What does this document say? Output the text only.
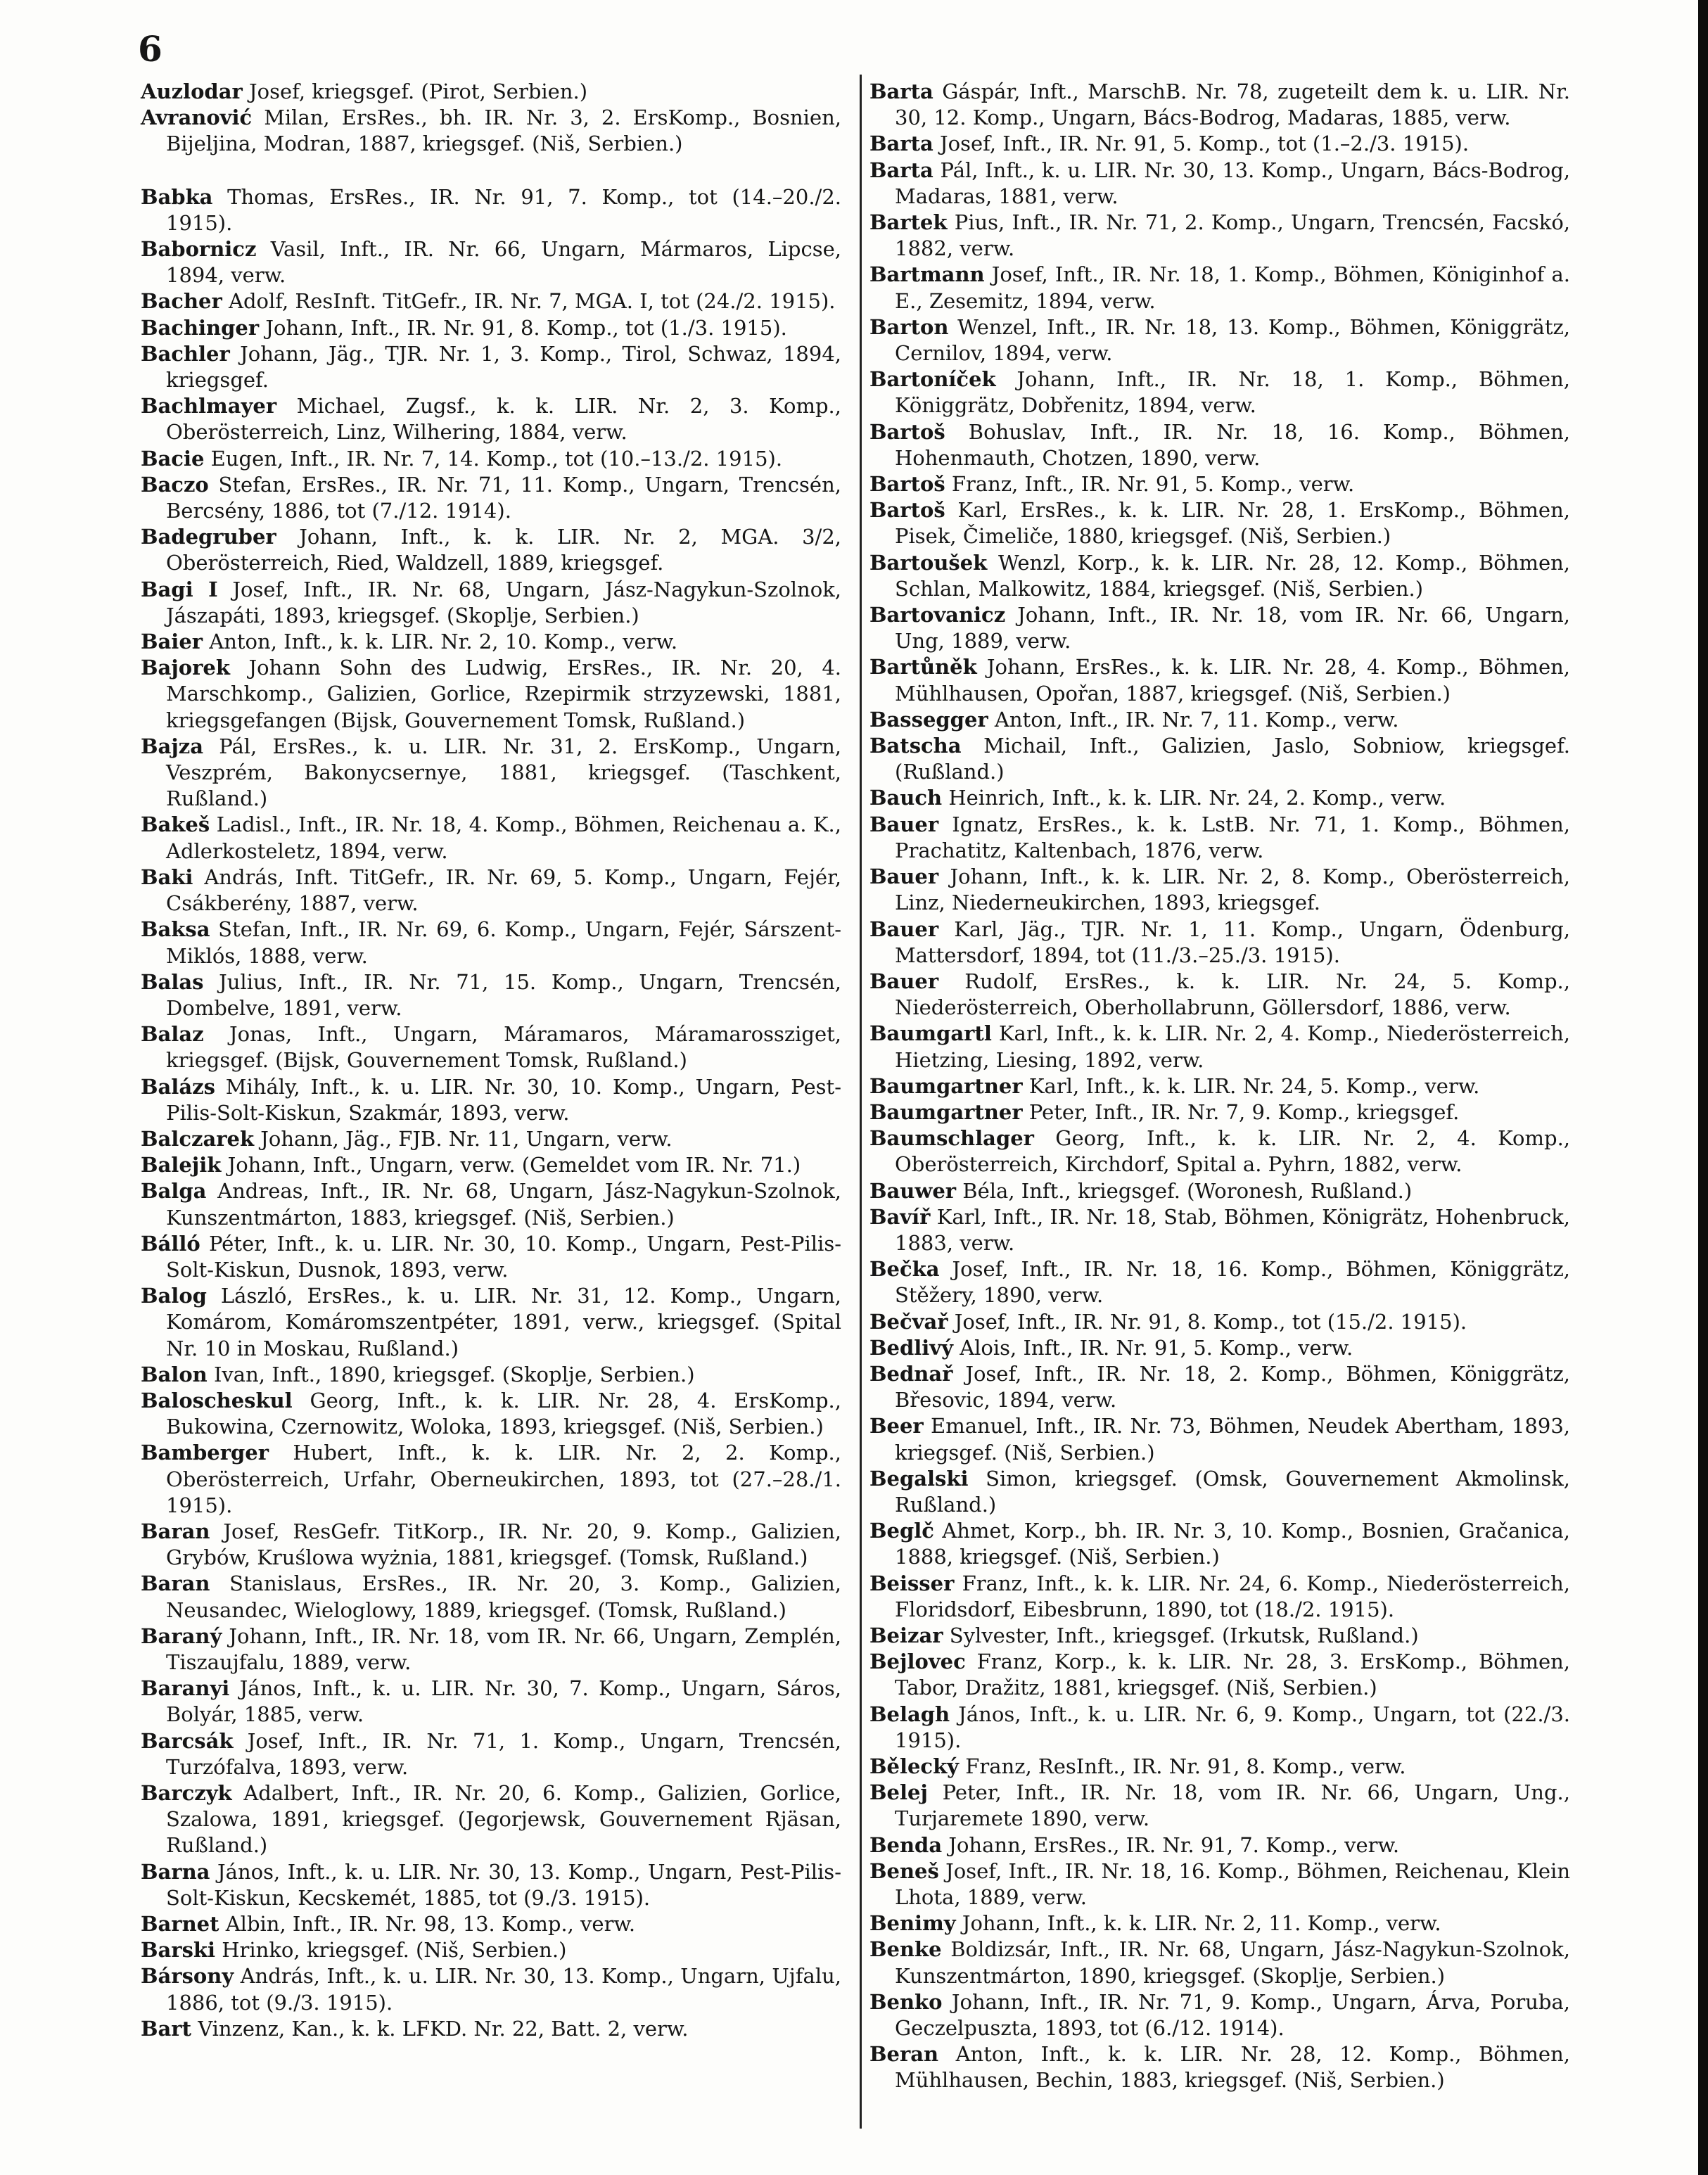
6

Auzlodar Josef, kriegsgef. (Pirot, Serbien.)

Avranović Milan, ErsRes., bh. IR. Nr. 3, 2. ErsKomp., Bosnien, Bijeljina, Modran, 1887, kriegsgef. (Niš, Serbien.)

Babka Thomas, ErsRes., IR. Nr. 91, 7. Komp., tot (14.–20./2. 1915).

Babornicz Vasil, Inft., IR. Nr. 66, Ungarn, Mármaros, Lipcse, 1894, verw.

Bacher Adolf, ResInft. TitGefr., IR. Nr. 7, MGA. I, tot (24./2. 1915).

Bachinger Johann, Inft., IR. Nr. 91, 8. Komp., tot (1./3. 1915).

Bachler Johann, Jäg., TJR. Nr. 1, 3. Komp., Tirol, Schwaz, 1894, kriegsgef.

Bachlmayer Michael, Zugsf., k. k. LIR. Nr. 2, 3. Komp., Oberösterreich, Linz, Wilhering, 1884, verw.

Bacie Eugen, Inft., IR. Nr. 7, 14. Komp., tot (10.–13./2. 1915).

Baczo Stefan, ErsRes., IR. Nr. 71, 11. Komp., Ungarn, Trencsén, Bercsény, 1886, tot (7./12. 1914).

Badegruber Johann, Inft., k. k. LIR. Nr. 2, MGA. 3/2, Oberösterreich, Ried, Waldzell, 1889, kriegsgef.

Bagi I Josef, Inft., IR. Nr. 68, Ungarn, Jász-Nagykun-Szolnok, Jászapáti, 1893, kriegsgef. (Skoplje, Serbien.)

Baier Anton, Inft., k. k. LIR. Nr. 2, 10. Komp., verw.

Bajorek Johann Sohn des Ludwig, ErsRes., IR. Nr. 20, 4. Marschkomp., Galizien, Gorlice, Rzepirmik strzyzewski, 1881, kriegsgefangen (Bijsk, Gouvernement Tomsk, Rußland.)

Bajza Pál, ErsRes., k. u. LIR. Nr. 31, 2. ErsKomp., Ungarn, Veszprém, Bakonycsernye, 1881, kriegsgef. (Taschkent, Rußland.)

Bakeš Ladisl., Inft., IR. Nr. 18, 4. Komp., Böhmen, Reichenau a. K., Adlerkosteletz, 1894, verw.

Baki András, Inft. TitGefr., IR. Nr. 69, 5. Komp., Ungarn, Fejér, Csákberény, 1887, verw.

Baksa Stefan, Inft., IR. Nr. 69, 6. Komp., Ungarn, Fejér, Sárszent-Miklós, 1888, verw.

Balas Julius, Inft., IR. Nr. 71, 15. Komp., Ungarn, Trencsén, Dombelve, 1891, verw.

Balaz Jonas, Inft., Ungarn, Máramaros, Máramarossziget, kriegsgef. (Bijsk, Gouvernement Tomsk, Rußland.)

Balázs Mihály, Inft., k. u. LIR. Nr. 30, 10. Komp., Ungarn, Pest-Pilis-Solt-Kiskun, Szakmár, 1893, verw.

Balczarek Johann, Jäg., FJB. Nr. 11, Ungarn, verw.

Balejik Johann, Inft., Ungarn, verw. (Gemeldet vom IR. Nr. 71.)

Balga Andreas, Inft., IR. Nr. 68, Ungarn, Jász-Nagykun-Szolnok, Kunszentmárton, 1883, kriegsgef. (Niš, Serbien.)

Bálló Péter, Inft., k. u. LIR. Nr. 30, 10. Komp., Ungarn, Pest-Pilis-Solt-Kiskun, Dusnok, 1893, verw.

Balog László, ErsRes., k. u. LIR. Nr. 31, 12. Komp., Ungarn, Komárom, Komáromszentpéter, 1891, verw., kriegsgef. (Spital Nr. 10 in Moskau, Rußland.)

Balon Ivan, Inft., 1890, kriegsgef. (Skoplje, Serbien.)

Baloscheskul Georg, Inft., k. k. LIR. Nr. 28, 4. ErsKomp., Bukowina, Czernowitz, Woloka, 1893, kriegsgef. (Niš, Serbien.)

Bamberger Hubert, Inft., k. k. LIR. Nr. 2, 2. Komp., Oberösterreich, Urfahr, Oberneukirchen, 1893, tot (27.–28./1. 1915).

Baran Josef, ResGefr. TitKorp., IR. Nr. 20, 9. Komp., Galizien, Grybów, Kruślowa wyżnia, 1881, kriegsgef. (Tomsk, Rußland.)

Baran Stanislaus, ErsRes., IR. Nr. 20, 3. Komp., Galizien, Neusandec, Wieloglowy, 1889, kriegsgef. (Tomsk, Rußland.)

Baraný Johann, Inft., IR. Nr. 18, vom IR. Nr. 66, Ungarn, Zemplén, Tiszaujfalu, 1889, verw.

Baranyi János, Inft., k. u. LIR. Nr. 30, 7. Komp., Ungarn, Sáros, Bolyár, 1885, verw.

Barcsák Josef, Inft., IR. Nr. 71, 1. Komp., Ungarn, Trencsén, Turzófalva, 1893, verw.

Barczyk Adalbert, Inft., IR. Nr. 20, 6. Komp., Galizien, Gorlice, Szalowa, 1891, kriegsgef. (Jegorjewsk, Gouvernement Rjäsan, Rußland.)

Barna János, Inft., k. u. LIR. Nr. 30, 13. Komp., Ungarn, Pest-Pilis-Solt-Kiskun, Kecskemét, 1885, tot (9./3. 1915).

Barnet Albin, Inft., IR. Nr. 98, 13. Komp., verw.

Barski Hrinko, kriegsgef. (Niš, Serbien.)

Bársony András, Inft., k. u. LIR. Nr. 30, 13. Komp., Ungarn, Ujfalu, 1886, tot (9./3. 1915).

Bart Vinzenz, Kan., k. k. LFKD. Nr. 22, Batt. 2, verw.

Barta Gáspár, Inft., MarschB. Nr. 78, zugeteilt dem k. u. LIR. Nr. 30, 12. Komp., Ungarn, Bács-Bodrog, Madaras, 1885, verw.

Barta Josef, Inft., IR. Nr. 91, 5. Komp., tot (1.–2./3. 1915).

Barta Pál, Inft., k. u. LIR. Nr. 30, 13. Komp., Ungarn, Bács-Bodrog, Madaras, 1881, verw.

Bartek Pius, Inft., IR. Nr. 71, 2. Komp., Ungarn, Trencsén, Facskó, 1882, verw.

Bartmann Josef, Inft., IR. Nr. 18, 1. Komp., Böhmen, Königinhof a. E., Zesemitz, 1894, verw.

Barton Wenzel, Inft., IR. Nr. 18, 13. Komp., Böhmen, Königgrätz, Cernilov, 1894, verw.

Bartoníček Johann, Inft., IR. Nr. 18, 1. Komp., Böhmen, Königgrätz, Dobřenitz, 1894, verw.

Bartoš Bohuslav, Inft., IR. Nr. 18, 16. Komp., Böhmen, Hohenmauth, Chotzen, 1890, verw.

Bartoš Franz, Inft., IR. Nr. 91, 5. Komp., verw.

Bartoš Karl, ErsRes., k. k. LIR. Nr. 28, 1. ErsKomp., Böhmen, Pisek, Čimeliče, 1880, kriegsgef. (Niš, Serbien.)

Bartoušek Wenzl, Korp., k. k. LIR. Nr. 28, 12. Komp., Böhmen, Schlan, Malkowitz, 1884, kriegsgef. (Niš, Serbien.)

Bartovanicz Johann, Inft., IR. Nr. 18, vom IR. Nr. 66, Ungarn, Ung, 1889, verw.

Bartůněk Johann, ErsRes., k. k. LIR. Nr. 28, 4. Komp., Böhmen, Mühlhausen, Opořan, 1887, kriegsgef. (Niš, Serbien.)

Bassegger Anton, Inft., IR. Nr. 7, 11. Komp., verw.

Batscha Michail, Inft., Galizien, Jaslo, Sobniow, kriegsgef. (Rußland.)

Bauch Heinrich, Inft., k. k. LIR. Nr. 24, 2. Komp., verw.

Bauer Ignatz, ErsRes., k. k. LstB. Nr. 71, 1. Komp., Böhmen, Prachatitz, Kaltenbach, 1876, verw.

Bauer Johann, Inft., k. k. LIR. Nr. 2, 8. Komp., Oberösterreich, Linz, Niederneukirchen, 1893, kriegsgef.

Bauer Karl, Jäg., TJR. Nr. 1, 11. Komp., Ungarn, Ödenburg, Mattersdorf, 1894, tot (11./3.–25./3. 1915).

Bauer Rudolf, ErsRes., k. k. LIR. Nr. 24, 5. Komp., Niederösterreich, Oberhollabrunn, Göllersdorf, 1886, verw.

Baumgartl Karl, Inft., k. k. LIR. Nr. 2, 4. Komp., Niederösterreich, Hietzing, Liesing, 1892, verw.

Baumgartner Karl, Inft., k. k. LIR. Nr. 24, 5. Komp., verw.

Baumgartner Peter, Inft., IR. Nr. 7, 9. Komp., kriegsgef.

Baumschlager Georg, Inft., k. k. LIR. Nr. 2, 4. Komp., Oberösterreich, Kirchdorf, Spital a. Pyhrn, 1882, verw.

Bauwer Béla, Inft., kriegsgef. (Woronesh, Rußland.)

Bavíř Karl, Inft., IR. Nr. 18, Stab, Böhmen, Königrätz, Hohenbruck, 1883, verw.

Bečka Josef, Inft., IR. Nr. 18, 16. Komp., Böhmen, Königgrätz, Stěžery, 1890, verw.

Bečvař Josef, Inft., IR. Nr. 91, 8. Komp., tot (15./2. 1915).

Bedlivý Alois, Inft., IR. Nr. 91, 5. Komp., verw.

Bednař Josef, Inft., IR. Nr. 18, 2. Komp., Böhmen, Königgrätz, Břesovic, 1894, verw.

Beer Emanuel, Inft., IR. Nr. 73, Böhmen, Neudek Abertham, 1893, kriegsgef. (Niš, Serbien.)

Begalski Simon, kriegsgef. (Omsk, Gouvernement Akmolinsk, Rußland.)

Beglč Ahmet, Korp., bh. IR. Nr. 3, 10. Komp., Bosnien, Gračanica, 1888, kriegsgef. (Niš, Serbien.)

Beisser Franz, Inft., k. k. LIR. Nr. 24, 6. Komp., Niederösterreich, Floridsdorf, Eibesbrunn, 1890, tot (18./2. 1915).

Beizar Sylvester, Inft., kriegsgef. (Irkutsk, Rußland.)

Bejlovec Franz, Korp., k. k. LIR. Nr. 28, 3. ErsKomp., Böhmen, Tabor, Dražitz, 1881, kriegsgef. (Niš, Serbien.)

Belagh János, Inft., k. u. LIR. Nr. 6, 9. Komp., Ungarn, tot (22./3. 1915).

Bělecký Franz, ResInft., IR. Nr. 91, 8. Komp., verw.

Belej Peter, Inft., IR. Nr. 18, vom IR. Nr. 66, Ungarn, Ung., Turjaremete 1890, verw.

Benda Johann, ErsRes., IR. Nr. 91, 7. Komp., verw.

Beneš Josef, Inft., IR. Nr. 18, 16. Komp., Böhmen, Reichenau, Klein Lhota, 1889, verw.

Benimy Johann, Inft., k. k. LIR. Nr. 2, 11. Komp., verw.

Benke Boldizsár, Inft., IR. Nr. 68, Ungarn, Jász-Nagykun-Szolnok, Kunszentmárton, 1890, kriegsgef. (Skoplje, Serbien.)

Benko Johann, Inft., IR. Nr. 71, 9. Komp., Ungarn, Árva, Poruba, Geczelpuszta, 1893, tot (6./12. 1914).

Beran Anton, Inft., k. k. LIR. Nr. 28, 12. Komp., Böhmen, Mühlhausen, Bechin, 1883, kriegsgef. (Niš, Serbien.)
